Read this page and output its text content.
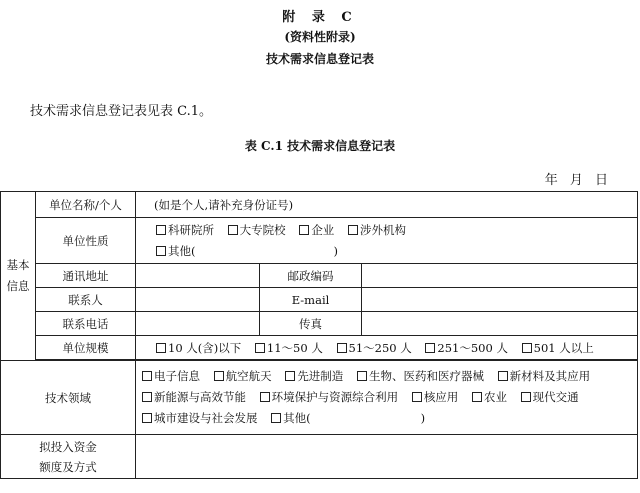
附 录 C
(资料性附录)
技术需求信息登记表
技术需求信息登记表见表 C.1。
表 C.1 技术需求信息登记表
年 月 日
基本信息	单位名称/个人	(如是个人,请补充身份证号)		
	单位性质	科研院所 大专院校 企业 涉外机构
其他( )		
	通讯地址		邮政编码	
	联系人		E-mail	
	联系电话		传真	
	单位规模	10 人(含)以下 11～50 人 51～250 人 251～500 人 501 人以上		

技术领域		电子信息 航空航天 先进制造 生物、医药和医疗器械 新材料及其应用 新能源与高效节能 环境保护与资源综合利用 核应用 农业 现代交通 城市建设与社会发展 其他( )		
拟投入资金
额度及方式				
